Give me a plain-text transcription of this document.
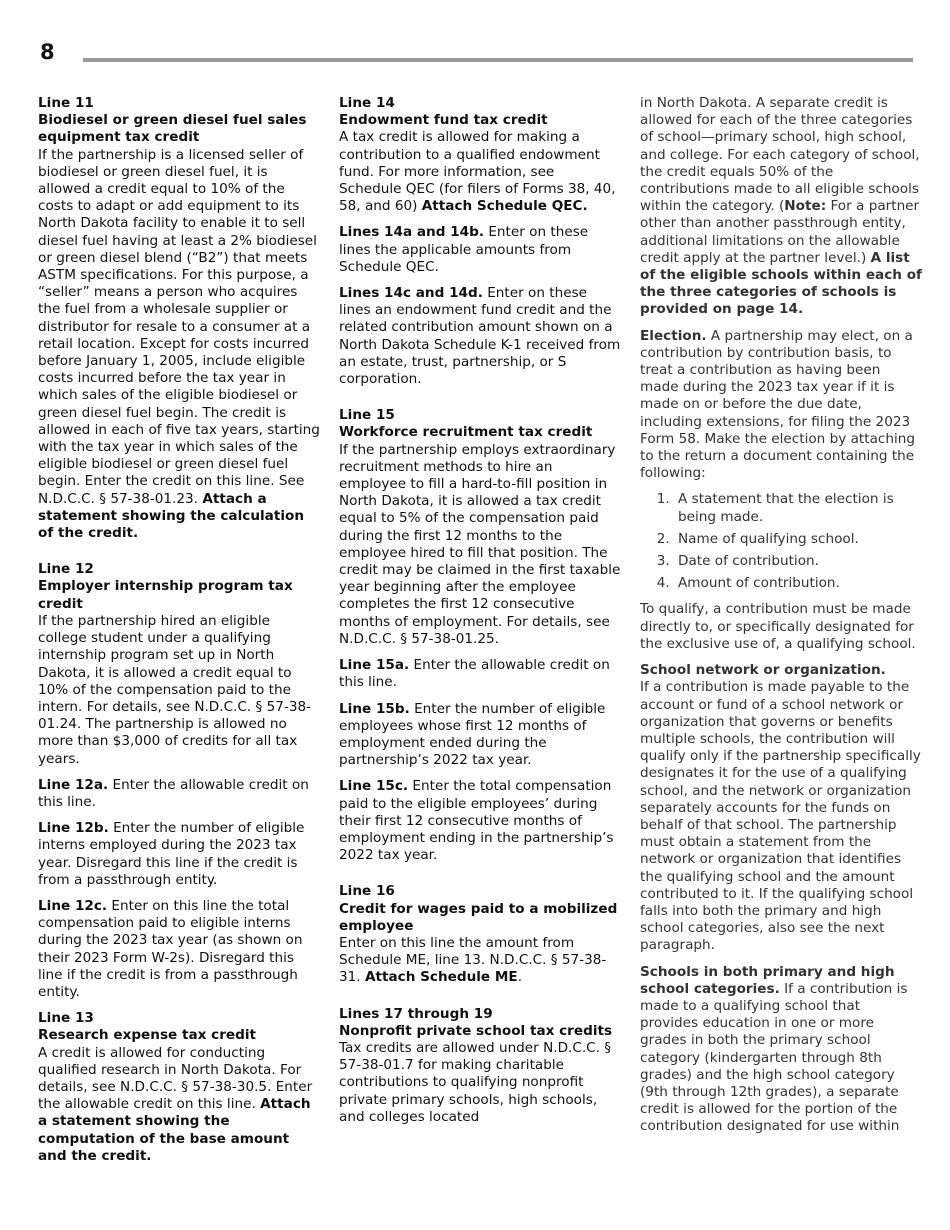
8
Line 11
Biodiesel or green diesel fuel sales equipment tax credit
If the partnership is a licensed seller of biodiesel or green diesel fuel, it is allowed a credit equal to 10% of the costs to adapt or add equipment to its North Dakota facility to enable it to sell diesel fuel having at least a 2% biodiesel or green diesel blend (“B2”) that meets ASTM specifications. For this purpose, a “seller” means a person who acquires the fuel from a wholesale supplier or distributor for resale to a consumer at a retail location. Except for costs incurred before January 1, 2005, include eligible costs incurred before the tax year in which sales of the eligible biodiesel or green diesel fuel begin. The credit is allowed in each of five tax years, starting with the tax year in which sales of the eligible biodiesel or green diesel fuel begin. Enter the credit on this line. See N.D.C.C. § 57-38-01.23. Attach a statement showing the calculation of the credit.
Line 12
Employer internship program tax credit
If the partnership hired an eligible college student under a qualifying internship program set up in North Dakota, it is allowed a credit equal to 10% of the compensation paid to the intern. For details, see N.D.C.C. § 57-38-01.24. The partnership is allowed no more than $3,000 of credits for all tax years.

Line 12a. Enter the allowable credit on this line.

Line 12b. Enter the number of eligible interns employed during the 2023 tax year. Disregard this line if the credit is from a passthrough entity.

Line 12c. Enter on this line the total compensation paid to eligible interns during the 2023 tax year (as shown on their 2023 Form W-2s). Disregard this line if the credit is from a passthrough entity.

Line 13
Research expense tax credit
A credit is allowed for conducting qualified research in North Dakota. For details, see N.D.C.C. § 57-38-30.5. Enter the allowable credit on this line. Attach a statement showing the computation of the base amount and the credit.
Line 14
Endowment fund tax credit
A tax credit is allowed for making a contribution to a qualified endowment fund. For more information, see Schedule QEC (for filers of Forms 38, 40, 58, and 60) Attach Schedule QEC.

Lines 14a and 14b. Enter on these lines the applicable amounts from Schedule QEC.

Lines 14c and 14d. Enter on these lines an endowment fund credit and the related contribution amount shown on a North Dakota Schedule K-1 received from an estate, trust, partnership, or S corporation.

Line 15
Workforce recruitment tax credit
If the partnership employs extraordinary recruitment methods to hire an employee to fill a hard-to-fill position in North Dakota, it is allowed a tax credit equal to 5% of the compensation paid during the first 12 months to the employee hired to fill that position. The credit may be claimed in the first taxable year beginning after the employee completes the first 12 consecutive months of employment. For details, see N.D.C.C. § 57-38-01.25.

Line 15a. Enter the allowable credit on this line.

Line 15b. Enter the number of eligible employees whose first 12 months of employment ended during the partnership’s 2022 tax year.

Line 15c. Enter the total compensation paid to the eligible employees’ during their first 12 consecutive months of employment ending in the partnership’s 2022 tax year.

Line 16
Credit for wages paid to a mobilized employee
Enter on this line the amount from Schedule ME, line 13. N.D.C.C. § 57-38-31. Attach Schedule ME.
Lines 17 through 19
Nonprofit private school tax credits
Tax credits are allowed under N.D.C.C. § 57-38-01.7 for making charitable contributions to qualifying nonprofit private primary schools, high schools, and colleges located

in North Dakota. A separate credit is allowed for each of the three categories of school—primary school, high school, and college. For each category of school, the credit equals 50% of the contributions made to all eligible schools within the category. (Note: For a partner other than another passthrough entity, additional limitations on the allowable credit apply at the partner level.) A list of the eligible schools within each of the three categories of schools is provided on page 14.

Election. A partnership may elect, on a contribution by contribution basis, to treat a contribution as having been made during the 2023 tax year if it is made on or before the due date, including extensions, for filing the 2023 Form 58. Make the election by attaching to the return a document containing the following:

1. A statement that the election is being made.
2. Name of qualifying school.
3. Date of contribution.
4. Amount of contribution.

To qualify, a contribution must be made directly to, or specifically designated for the exclusive use of, a qualifying school.

School network or organization.
If a contribution is made payable to the account or fund of a school network or organization that governs or benefits multiple schools, the contribution will qualify only if the partnership specifically designates it for the use of a qualifying school, and the network or organization separately accounts for the funds on behalf of that school. The partnership must obtain a statement from the network or organization that identifies the qualifying school and the amount contributed to it. If the qualifying school falls into both the primary and high school categories, also see the next paragraph.

Schools in both primary and high school categories. If a contribution is made to a qualifying school that provides education in one or more grades in both the primary school category (kindergarten through 8th grades) and the high school category (9th through 12th grades), a separate credit is allowed for the portion of the contribution designated for use within
